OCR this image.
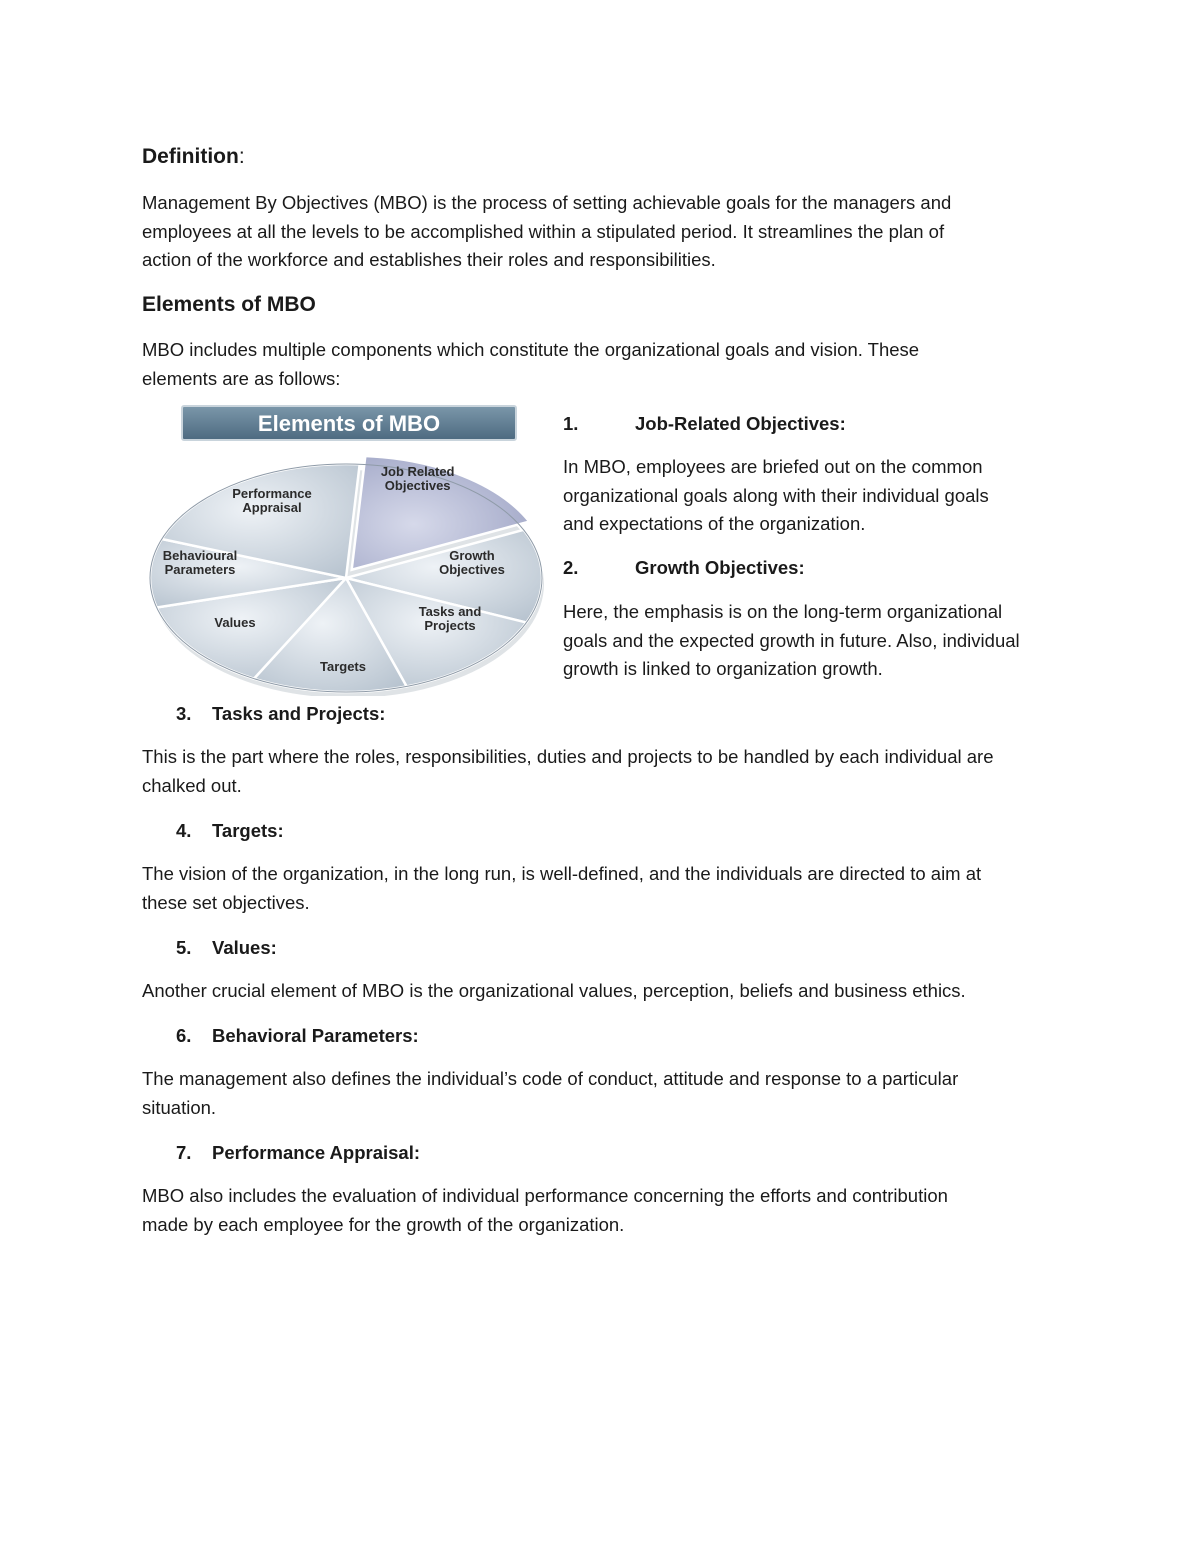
Definition:

Management By Objectives (MBO) is the process of setting achievable goals for the managers and
employees at all the levels to be accomplished within a stipulated period. It streamlines the plan of
action of the workforce and establishes their roles and responsibilities.

Elements of MBO

MBO includes multiple components which constitute the organizational goals and vision. These
elements are as follows:

Job Related
Objectives
Growth
Objectives
Tasks and
Projects
Targets
Values
Behavioural
Parameters
Performance
Appraisal
Elements of MBO	1.	Job-Related Objectives:

In MBO, employees are briefed out on the common
organizational goals along with their individual goals
and expectations of the organization.

2.	Growth Objectives:

Here, the emphasis is on the long-term organizational
goals and the expected growth in future. Also, individual
growth is linked to organization growth.

3. Tasks and Projects:

This is the part where the roles, responsibilities, duties and projects to be handled by each individual are
chalked out.

4. Targets:

The vision of the organization, in the long run, is well-defined, and the individuals are directed to aim at
these set objectives.

5. Values:

Another crucial element of MBO is the organizational values, perception, beliefs and business ethics.

6. Behavioral Parameters:

The management also defines the individual’s code of conduct, attitude and response to a particular
situation.

7. Performance Appraisal:

MBO also includes the evaluation of individual performance concerning the efforts and contribution
made by each employee for the growth of the organization.
